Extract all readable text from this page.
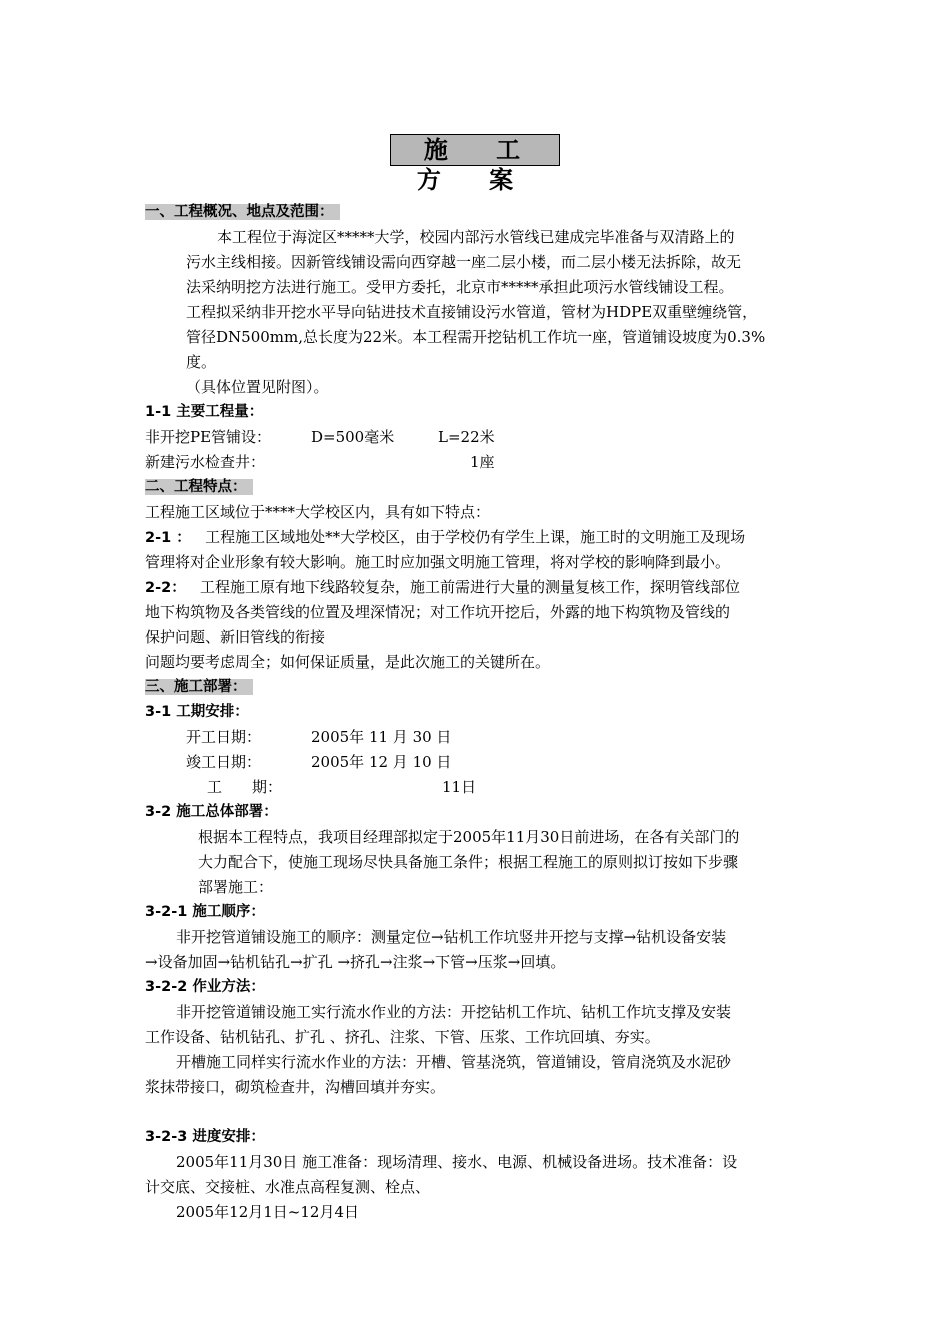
施 工 方 案
一、工程概况、地点及范围：
本工程位于海淀区*****大学，校园内部污水管线已建成完毕准备与双清路上的
污水主线相接。因新管线铺设需向西穿越一座二层小楼，而二层小楼无法拆除，故无
法采纳明挖方法进行施工。受甲方委托，北京市*****承担此项污水管线铺设工程。
工程拟采纳非开挖水平导向钻进技术直接铺设污水管道，管材为HDPE双重壁缠绕管，
管径DN500mm,总长度为22米。本工程需开挖钻机工作坑一座，管道铺设坡度为0.3%
度。
（具体位置见附图）。
1-1 主要工程量：
非开挖PE管铺设：	D=500毫米	L=22米
新建污水检查井：	1座
二、工程特点：
工程施工区域位于****大学校区内，具有如下特点：
2-1 ： 工程施工区域地处**大学校区，由于学校仍有学生上课，施工时的文明施工及现场
管理将对企业形象有较大影响。施工时应加强文明施工管理，将对学校的影响降到最小。
2-2： 工程施工原有地下线路较复杂，施工前需进行大量的测量复核工作，探明管线部位
地下构筑物及各类管线的位置及埋深情况；对工作坑开挖后，外露的地下构筑物及管线的
保护问题、新旧管线的衔接
问题均要考虑周全；如何保证质量，是此次施工的关键所在。
三、施工部署：
3-1 工期安排：
开工日期：	2005年 11 月 30 日
竣工日期：	2005年 12 月 10 日
工　　期：	11日
3-2 施工总体部署：
根据本工程特点，我项目经理部拟定于2005年11月30日前进场，在各有关部门的
大力配合下，使施工现场尽快具备施工条件；根据工程施工的原则拟订按如下步骤
部署施工：
3-2-1 施工顺序：
非开挖管道铺设施工的顺序：测量定位→钻机工作坑竖井开挖与支撑→钻机设备安装
→设备加固→钻机钻孔→扩孔 →挤孔→注浆→下管→压浆→回填。
3-2-2 作业方法：
非开挖管道铺设施工实行流水作业的方法：开挖钻机工作坑、钻机工作坑支撑及安装
工作设备、钻机钻孔、扩孔 、挤孔、注浆、下管、压浆、工作坑回填、夯实。
开槽施工同样实行流水作业的方法：开槽、管基浇筑，管道铺设，管肩浇筑及水泥砂
浆抹带接口，砌筑检查井，沟槽回填并夯实。
3-2-3 进度安排：
2005年11月30日 施工准备：现场清理、接水、电源、机械设备进场。技术准备：设
计交底、交接桩、水准点高程复测、栓点、
2005年12月1日~12月4日
